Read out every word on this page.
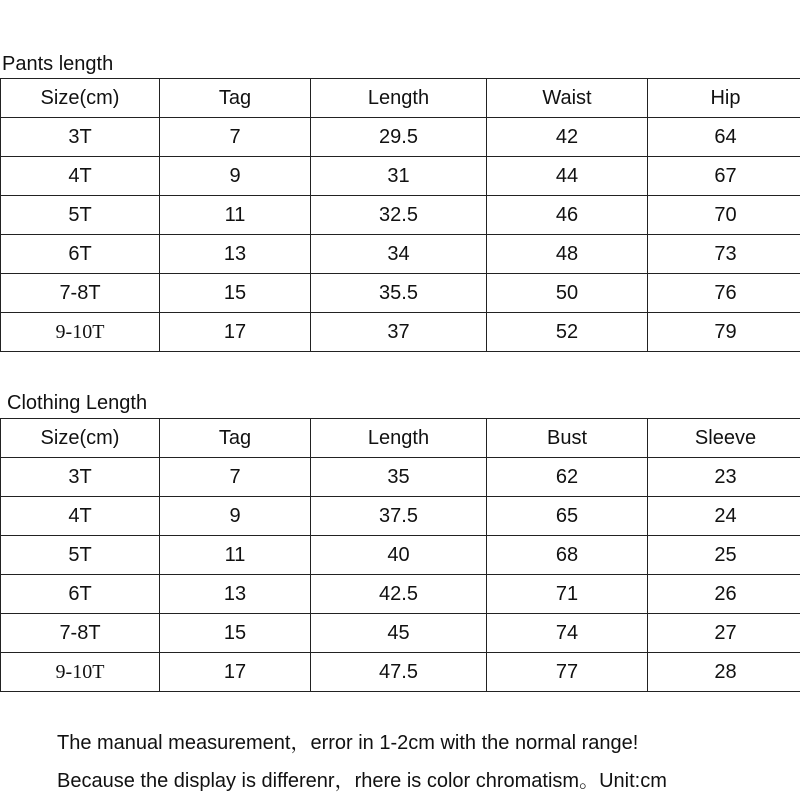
Pants length
Size(cm)	Tag	Length	Waist	Hip
3T	7	29.5	42	64
4T	9	31	44	67
5T	11	32.5	46	70
6T	13	34	48	73
7-8T	15	35.5	50	76
9-10T	17	37	52	79
Clothing Length
Size(cm)	Tag	Length	Bust	Sleeve
3T	7	35	62	23
4T	9	37.5	65	24
5T	11	40	68	25
6T	13	42.5	71	26
7-8T	15	45	74	27
9-10T	17	47.5	77	28
The manual measurement，error in 1-2cm with the normal range!
Because the display is differenr，rhere is color chromatism。Unit:cm
